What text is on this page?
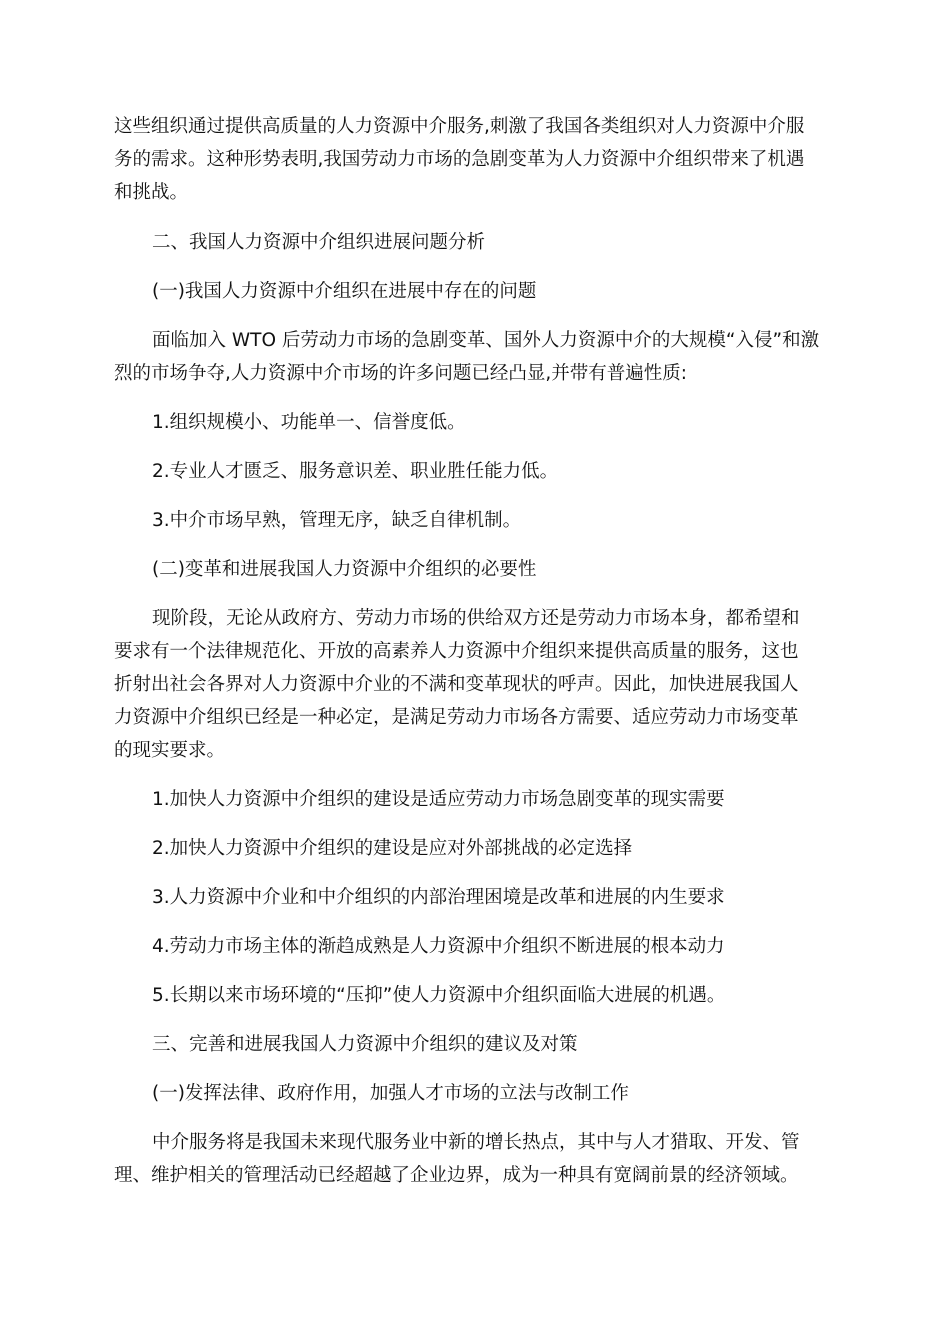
这些组织通过提供高质量的人力资源中介服务,刺激了我国各类组织对人力资源中介服
务的需求。这种形势表明,我国劳动力市场的急剧变革为人力资源中介组织带来了机遇
和挑战。
二、我国人力资源中介组织进展问题分析
(一)我国人力资源中介组织在进展中存在的问题
面临加入 WTO 后劳动力市场的急剧变革、国外人力资源中介的大规模“入侵”和激
烈的市场争夺,人力资源中介市场的许多问题已经凸显,并带有普遍性质:
1.组织规模小、功能单一、信誉度低。
2.专业人才匮乏、服务意识差、职业胜任能力低。
3.中介市场早熟，管理无序，缺乏自律机制。
(二)变革和进展我国人力资源中介组织的必要性
现阶段，无论从政府方、劳动力市场的供给双方还是劳动力市场本身，都希望和
要求有一个法律规范化、开放的高素养人力资源中介组织来提供高质量的服务，这也
折射出社会各界对人力资源中介业的不满和变革现状的呼声。因此，加快进展我国人
力资源中介组织已经是一种必定，是满足劳动力市场各方需要、适应劳动力市场变革
的现实要求。
1.加快人力资源中介组织的建设是适应劳动力市场急剧变革的现实需要
2.加快人力资源中介组织的建设是应对外部挑战的必定选择
3.人力资源中介业和中介组织的内部治理困境是改革和进展的内生要求
4.劳动力市场主体的渐趋成熟是人力资源中介组织不断进展的根本动力
5.长期以来市场环境的“压抑”使人力资源中介组织面临大进展的机遇。
三、完善和进展我国人力资源中介组织的建议及对策
(一)发挥法律、政府作用，加强人才市场的立法与改制工作
中介服务将是我国未来现代服务业中新的增长热点，其中与人才猎取、开发、管
理、维护相关的管理活动已经超越了企业边界，成为一种具有宽阔前景的经济领域。
